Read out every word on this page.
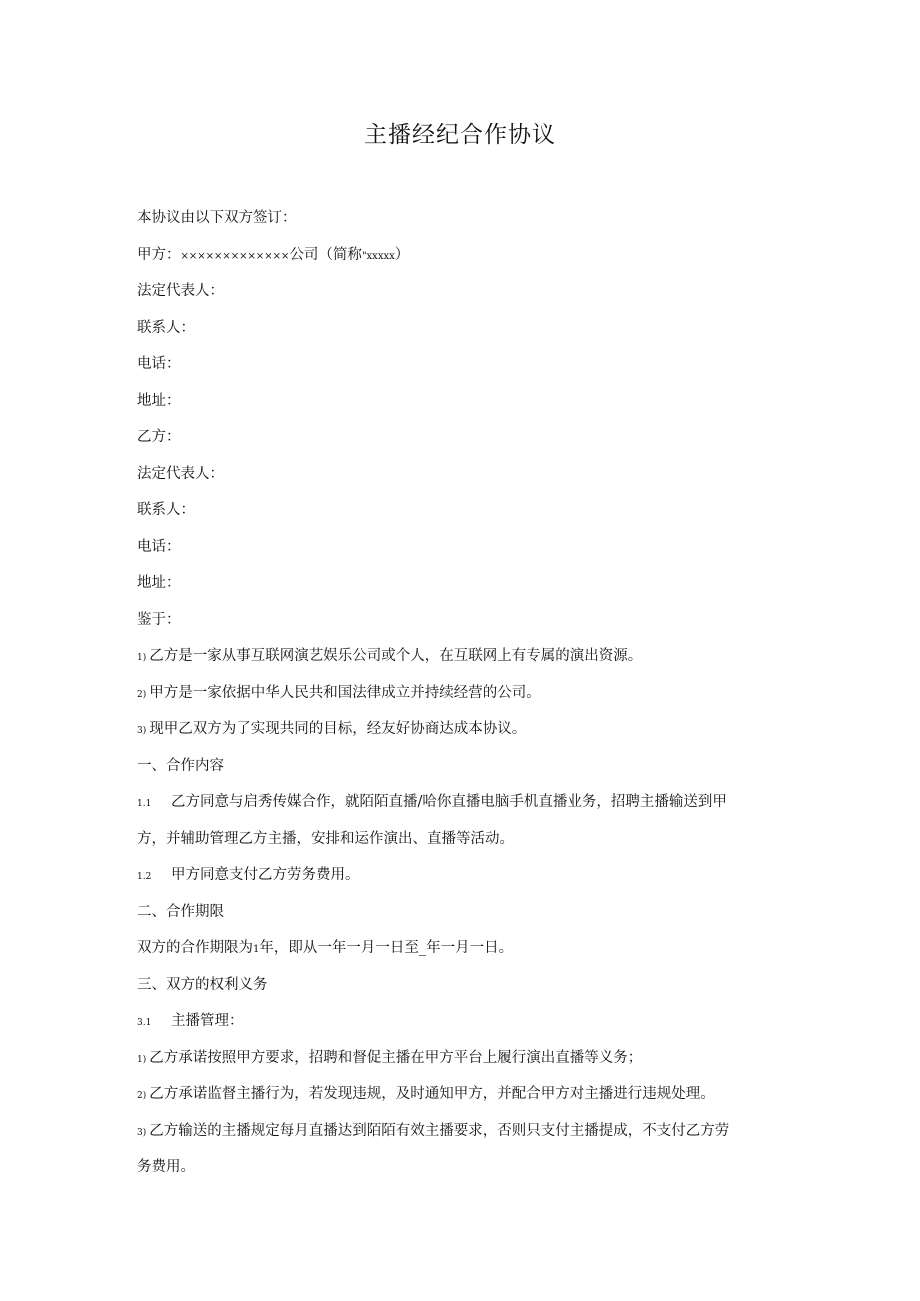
主播经纪合作协议
本协议由以下双方签订：
甲方：×××××××××××××公司（简称"xxxxx）
法定代表人：
联系人：
电话：
地址：
乙方：
法定代表人：
联系人：
电话：
地址：
鉴于：
1) 乙方是一家从事互联网演艺娱乐公司或个人，在互联网上有专属的演出资源。
2) 甲方是一家依据中华人民共和国法律成立并持续经营的公司。
3) 现甲乙双方为了实现共同的目标，经友好协商达成本协议。
一、合作内容
1.1 乙方同意与启秀传媒合作，就陌陌直播/哈你直播电脑手机直播业务，招聘主播输送到甲
方，并辅助管理乙方主播，安排和运作演出、直播等活动。
1.2 甲方同意支付乙方劳务费用。
二、合作期限
双方的合作期限为1年，即从一年一月一日至_年一月一日。
三、双方的权利义务
3.1 主播管理：
1) 乙方承诺按照甲方要求，招聘和督促主播在甲方平台上履行演出直播等义务；
2) 乙方承诺监督主播行为，若发现违规，及时通知甲方，并配合甲方对主播进行违规处理。
3) 乙方输送的主播规定每月直播达到陌陌有效主播要求，否则只支付主播提成，不支付乙方劳
务费用。
